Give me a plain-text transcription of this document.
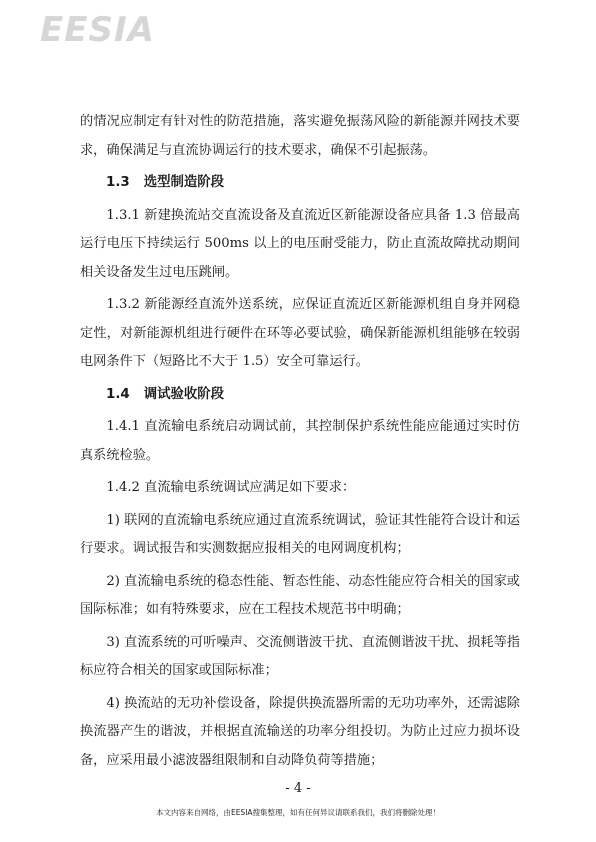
EESIA

的情况应制定有针对性的防范措施，落实避免振荡风险的新能源并网技术要求，确保满足与直流协调运行的技术要求，确保不引起振荡。

1.3 选型制造阶段

1.3.1 新建换流站交直流设备及直流近区新能源设备应具备 1.3 倍最高运行电压下持续运行 500ms 以上的电压耐受能力，防止直流故障扰动期间相关设备发生过电压跳闸。

1.3.2 新能源经直流外送系统，应保证直流近区新能源机组自身并网稳定性，对新能源机组进行硬件在环等必要试验，确保新能源机组能够在较弱电网条件下（短路比不大于 1.5）安全可靠运行。

1.4 调试验收阶段

1.4.1 直流输电系统启动调试前，其控制保护系统性能应能通过实时仿真系统检验。

1.4.2 直流输电系统调试应满足如下要求：

1) 联网的直流输电系统应通过直流系统调试，验证其性能符合设计和运行要求。调试报告和实测数据应报相关的电网调度机构；

2) 直流输电系统的稳态性能、暂态性能、动态性能应符合相关的国家或国际标准；如有特殊要求，应在工程技术规范书中明确；

3) 直流系统的可听噪声、交流侧谐波干扰、直流侧谐波干扰、损耗等指标应符合相关的国家或国际标准；

4) 换流站的无功补偿设备，除提供换流器所需的无功功率外，还需滤除换流器产生的谐波，并根据直流输送的功率分组投切。为防止过应力损坏设备，应采用最小滤波器组限制和自动降负荷等措施；

- 4 -
本文内容来自网络，由EESIA搜集整理，如有任何异议请联系我们，我们将删除处理！
